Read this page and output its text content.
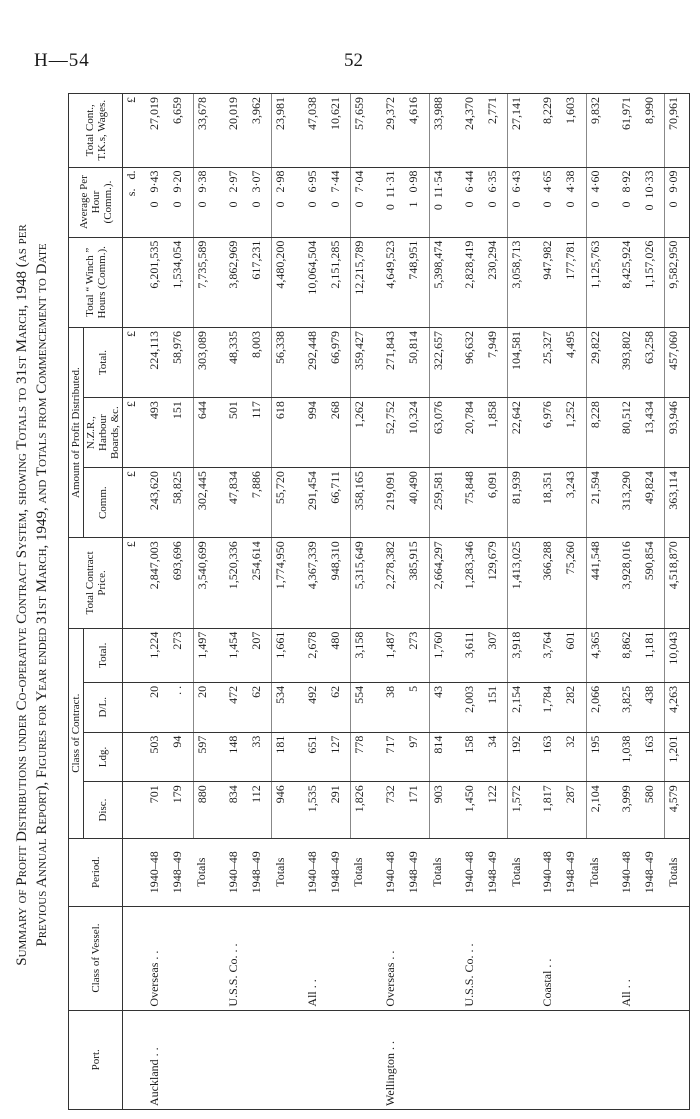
H—54	52
Summary of Profit Distributions under Co-operative Contract System, showing Totals to 31st March, 1948 (as per Previous Annual Report), Figures for Year ended 31st March, 1949, and Totals from Commencement to Date
Port.	Class of Vessel.	Period.	Class of Contract.				Total Contract Price.	Amount of Profit Distributed.			Total “ Winch ” Hours (Comm.).	Average Per Hour (Comm.).	Total Cont., T.K.s, Wages.
			Disc.	Ldg.	D/L.	Total.		Comm.	N.Z.R., Harbour Boards, &c.	Total.			
							£	£	£	£		s.   d.	£
Auckland . .	Overseas . .	1940–48	701	503	20	1,224	2,847,003	243,620	493	224,113	6,201,535	0   9·43	27,019
		1948–49	179	94	. .	273	693,696	58,825	151	58,976	1,534,054	0   9·20	6,659
		Totals	880	597	20	1,497	3,540,699	302,445	644	303,089	7,735,589	0   9·38	33,678

	U.S.S. Co. . .	1940–48	834	148	472	1,454	1,520,336	47,834	501	48,335	3,862,969	0   2·97	20,019
		1948–49	112	33	62	207	254,614	7,886	117	8,003	617,231	0   3·07	3,962
		Totals	946	181	534	1,661	1,774,950	55,720	618	56,338	4,480,200	0   2·98	23,981

	All . .	1940–48	1,535	651	492	2,678	4,367,339	291,454	994	292,448	10,064,504	0   6·95	47,038
		1948–49	291	127	62	480	948,310	66,711	268	66,979	2,151,285	0   7·44	10,621
		Totals	1,826	778	554	3,158	5,315,649	358,165	1,262	359,427	12,215,789	0   7·04	57,659

Wellington . .	Overseas . .	1940–48	732	717	38	1,487	2,278,382	219,091	52,752	271,843	4,649,523	0  11·31	29,372
		1948–49	171	97	5	273	385,915	40,490	10,324	50,814	748,951	1   0·98	4,616
		Totals	903	814	43	1,760	2,664,297	259,581	63,076	322,657	5,398,474	0  11·54	33,988

	U.S.S. Co. . .	1940–48	1,450	158	2,003	3,611	1,283,346	75,848	20,784	96,632	2,828,419	0   6·44	24,370
		1948–49	122	34	151	307	129,679	6,091	1,858	7,949	230,294	0   6·35	2,771
		Totals	1,572	192	2,154	3,918	1,413,025	81,939	22,642	104,581	3,058,713	0   6·43	27,141

	Coastal . .	1940–48	1,817	163	1,784	3,764	366,288	18,351	6,976	25,327	947,982	0   4·65	8,229
		1948–49	287	32	282	601	75,260	3,243	1,252	4,495	177,781	0   4·38	1,603
		Totals	2,104	195	2,066	4,365	441,548	21,594	8,228	29,822	1,125,763	0   4·60	9,832

	All . .	1940–48	3,999	1,038	3,825	8,862	3,928,016	313,290	80,512	393,802	8,425,924	0   8·92	61,971
		1948–49	580	163	438	1,181	590,854	49,824	13,434	63,258	1,157,026	0  10·33	8,990
		Totals	4,579	1,201	4,263	10,043	4,518,870	363,114	93,946	457,060	9,582,950	0   9·09	70,961
